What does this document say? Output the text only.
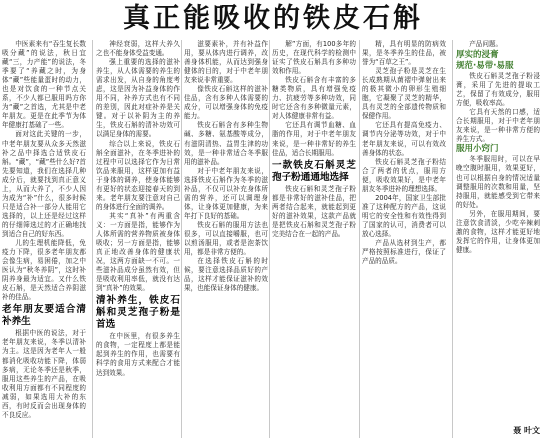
真正能吸收的铁皮石斛

中医素来有“吞生复长数吸分藏”的说法，秋日宜藏“三，力产能”的说法，冬季要了“养藏之时，为身体“藏”些能量蛋时的动力，也是对饮食的一种节点关系，不少人都已服用吗方你为“藏”之首选，尤其是中老年朋友。更是在此季节为体年健康打基础了一些。

面对这此关键的一步，中老年朋友要从众多天然滋补之品中择选合适铁皮石斛。“藏”，“藏”些什么好?首先要知道，我们在选择几种成分后，就要找到真正意义上，从而大养了，不少人因为成为“补”什么，很多时候只是适合补一部分人能用它选择的，以上还是经过这样的仔细筛选过的才正确地找到适合自己的好东西。

儿的生理机能降低，免疫力下降，很多老年朋友都会像生病，易困倦，加之中医认为“秋冬养阴”，这时补阴养身最为适宜。又什么铁皮石斛，是天然适合养阴滋补的佳品。

老年朋友要适合清补养生

根据中医的说法，对于老年朋友来说，冬季以清补为主。这是因为老年人一般都消化吸收功能下降，体弱多病，无论冬季还是秋季，服用这些养生的产品，在吸收利用方面都有不同程度的减弱，如果选用大补的东西，有时反而会出现身体的不良反应。

神经衰弱，这样大养久之也不能身体受益变通。

强上重要的选择的滋补养生，从人体需要的养生的需求出发，从自身的角度考虑，这是因为补益身体的作用不同，补养方式也有不同的差别，因此对症补养是关键。对于以补阴为主的养生，铁皮石斛的清补功效可以满足身体的需要。

综合以上来说，铁皮石斛全面滋补，在冬季进补的过程中可以选择它作为日常饮品来服用，这样更加有益于身体的调养，使身体能够有更好的状态迎接春天的到来。老年朋友要注意对自己的身体进行全面的调养。

其实“真补”有两重含义：一方面是指，能够作为人体所需的营养物质被身体吸收；另一方面是指，能够真正地改善身体的健康状况，这两方面缺一不可。一些滋补品成分虽然有效，但是吸收利用率低，就没有达到“真补”的效果。

清补养生，铁皮石斛和灵芝孢子粉是首选

在中医里，有很多养生的食物，一定程度上都是能起到养生的作用，也需要有科学的食用方式来配合才能达到效果。

滋要素补，并有补益作用，要从体内进行调养，改善身体机能，从而达到强身健体的目的，对于中老年朋友来说非常重要。

像铁皮石斛这样的滋补佳品，含有多种人体需要的成分，可以增强身体的免疫能力。

铁皮石斛含有多种生物碱、多糖、氨基酸等成分，有滋阴清热、益胃生津的功效，是一种非常适合冬季服用的滋补品。

对于中老年朋友来说，选择铁皮石斛作为冬季的滋补品，不仅可以补充身体所需的营养，还可以调理身体，让身体更加健康，为来年打下良好的基础。

铁皮石斛的服用方法也很多，可以直接嚼服，也可以煎汤服用，或者是泡茶饮用，都是非常方便的。

在选择铁皮石斛的时候，要注意选择品质好的产品，这样才能保证滋补的效果，也能保证身体的健康。

解”方面，有100多年的历史，在现代科学的检测中证实了铁皮石斛具有多种功效和作用。

铁皮石斛含有丰富的多糖类物质，具有增强免疫力、抗疲劳等多种功效，同时它还含有多种微量元素，对人体健康非常有益。

它还具有调节血糖、血脂的作用，对于中老年朋友来说，是一种非常好的养生佳品，适合长期服用。

一款铁皮石斛灵芝孢子粉通通地选择

铁皮石斛和灵芝孢子粉都是非常好的滋补佳品，把两者结合起来，就能起到更好的滋补效果，这款产品就是把铁皮石斛和灵芝孢子粉完美结合在一起的产品。

精，具有明显的防病效果，是冬季养生的佳品，被誉为“百草之王”。

灵芝孢子粉是灵芝在生长成熟期从菌褶中弹射出来的极其微小的卵形生殖细胞，它凝聚了灵芝的精华，具有灵芝的全部遗传物质和保健作用。

它还具有提高免疫力、调节内分泌等功效，对于中老年朋友来说，可以有效改善身体的状态。

铁皮石斛灵芝孢子粉结合了两者的优点，服用方便，吸收效果好，是中老年朋友冬季进补的理想选择。

2004年，国家卫生部批准了这种配方的产品，这说明它的安全性和有效性得到了国家的认可，消费者可以放心选择。

产品从选材到生产，都严格按照标准进行，保证了产品的品质。

产品问题。

厚实的浸膏
规范·易带·易服

铁皮石斛灵芝孢子粉浸膏，采用了先进的提取工艺，保留了有效成分，服用方便，吸收率高。

它具有天然的口感，适合长期服用，对于中老年朋友来说，是一种非常方便的养生方式。

服用小窍门

冬季服用时，可以在早晚空腹时服用，效果更好，也可以根据自身的情况适量调整服用的次数和用量，坚持服用，就能感受到它带来的好处。

另外，在服用期间，要注意饮食清淡，少吃辛辣刺激的食物，这样才能更好地发挥它的作用，让身体更加健康。

聂 叶文
